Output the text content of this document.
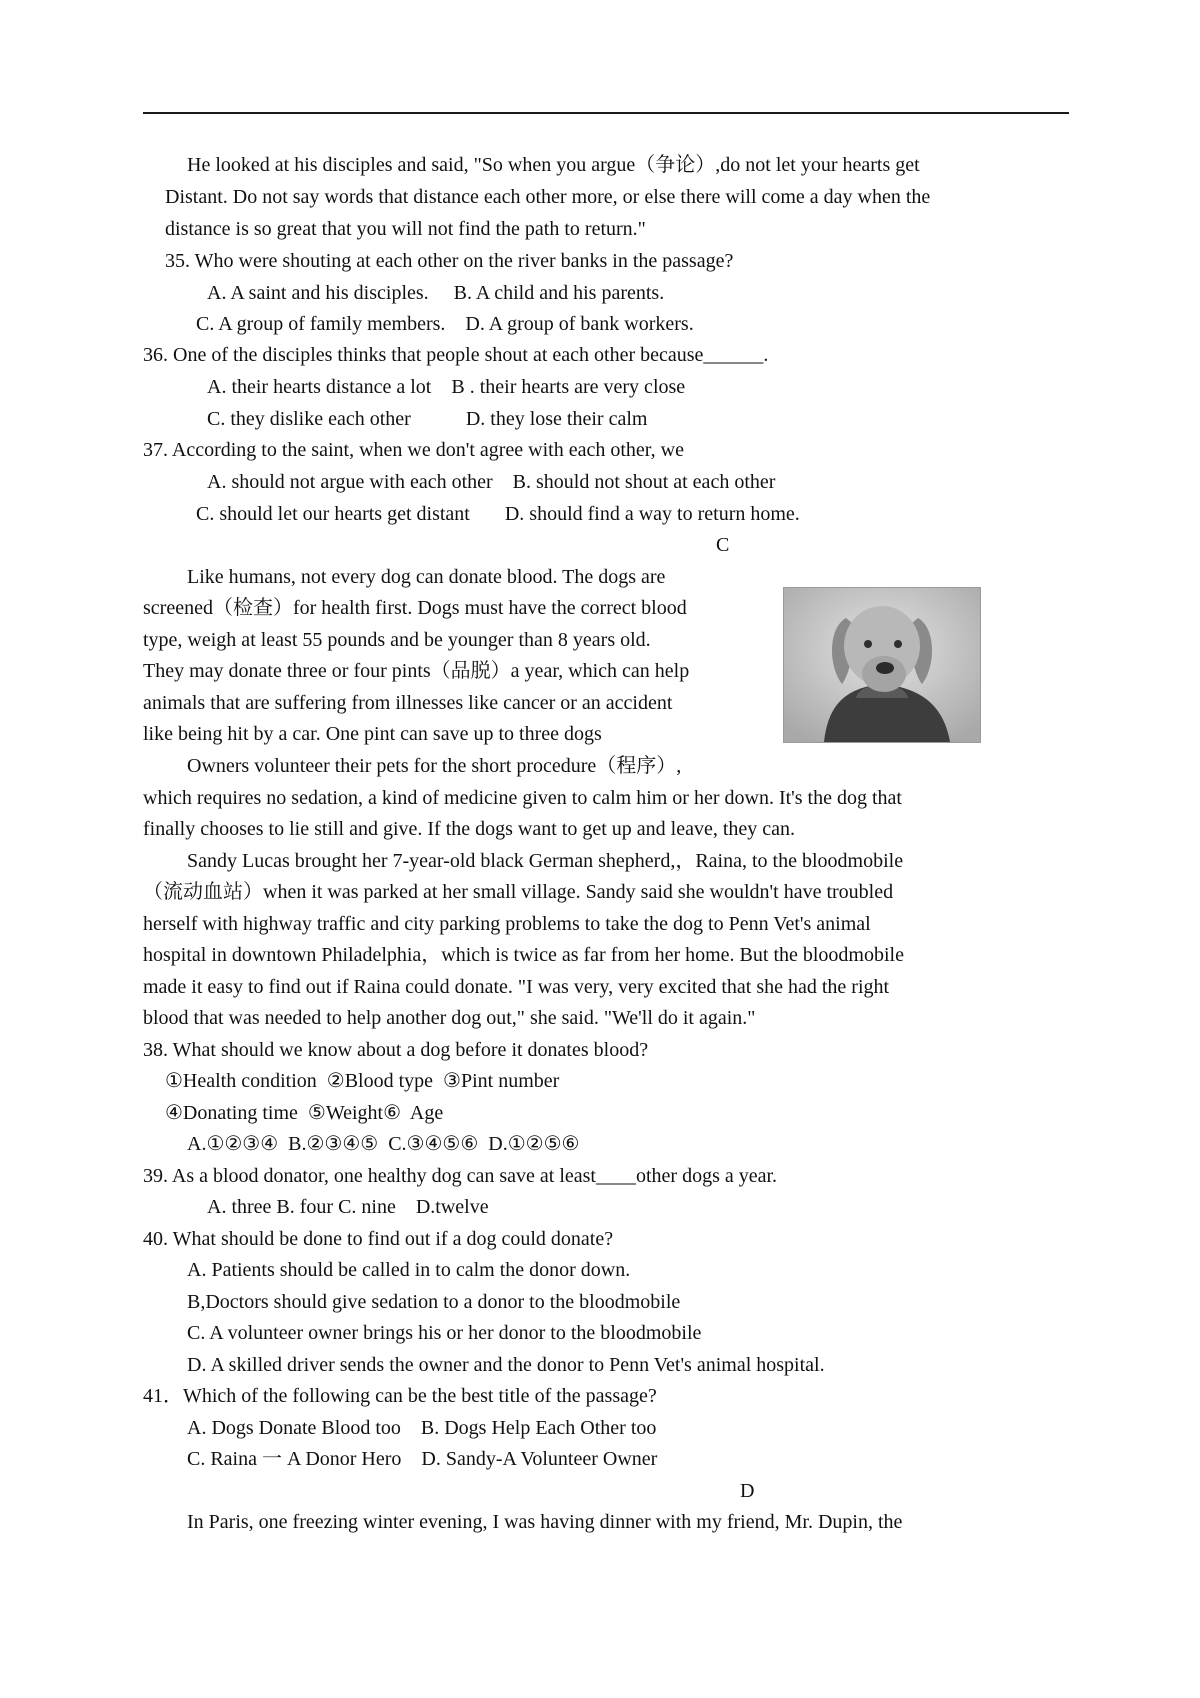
He looked at his disciples and said, "So when you argue（争论）,do not let your hearts get
Distant. Do not say words that distance each other more, or else there will come a day when the
distance is so great that you will not find the path to return."
35. Who were shouting at each other on the river banks in the passage?
A. A saint and his disciples.     B. A child and his parents.
C. A group of family members.    D. A group of bank workers.
36. One of the disciples thinks that people shout at each other because______.
A. their hearts distance a lot    B . their hearts are very close
C. they dislike each other           D. they lose their calm
37. According to the saint, when we don't agree with each other, we
A. should not argue with each other    B. should not shout at each other
C. should let our hearts get distant       D. should find a way to return home.
C
Like humans, not every dog can donate blood. The dogs are
screened（检查）for health first. Dogs must have the correct blood
type, weigh at least 55 pounds and be younger than 8 years old.
They may donate three or four pints（品脱）a year, which can help
animals that are suffering from illnesses like cancer or an accident
like being hit by a car. One pint can save up to three dogs
Owners volunteer their pets for the short procedure（程序）,
which requires no sedation, a kind of medicine given to calm him or her down. It's the dog that
finally chooses to lie still and give. If the dogs want to get up and leave, they can.
Sandy Lucas brought her 7-year-old black German shepherd,，Raina, to the bloodmobile
（流动血站）when it was parked at her small village. Sandy said she wouldn't have troubled
herself with highway traffic and city parking problems to take the dog to Penn Vet's animal
hospital in downtown Philadelphia，which is twice as far from her home. But the bloodmobile
made it easy to find out if Raina could donate. "I was very, very excited that she had the right
blood that was needed to help another dog out," she said. "We'll do it again."
38. What should we know about a dog before it donates blood?
①Health condition  ②Blood type  ③Pint number
④Donating time  ⑤Weight⑥  Age
A.①②③④  B.②③④⑤  C.③④⑤⑥  D.①②⑤⑥
39. As a blood donator, one healthy dog can save at least____other dogs a year.
A. three B. four C. nine    D.twelve
40. What should be done to find out if a dog could donate?
A. Patients should be called in to calm the donor down.
B,Doctors should give sedation to a donor to the bloodmobile
C. A volunteer owner brings his or her donor to the bloodmobile
D. A skilled driver sends the owner and the donor to Penn Vet's animal hospital.
41．Which of the following can be the best title of the passage?
A. Dogs Donate Blood too    B. Dogs Help Each Other too
C. Raina 一 A Donor Hero    D. Sandy-A Volunteer Owner
D
In Paris, one freezing winter evening, I was having dinner with my friend, Mr. Dupin, the
